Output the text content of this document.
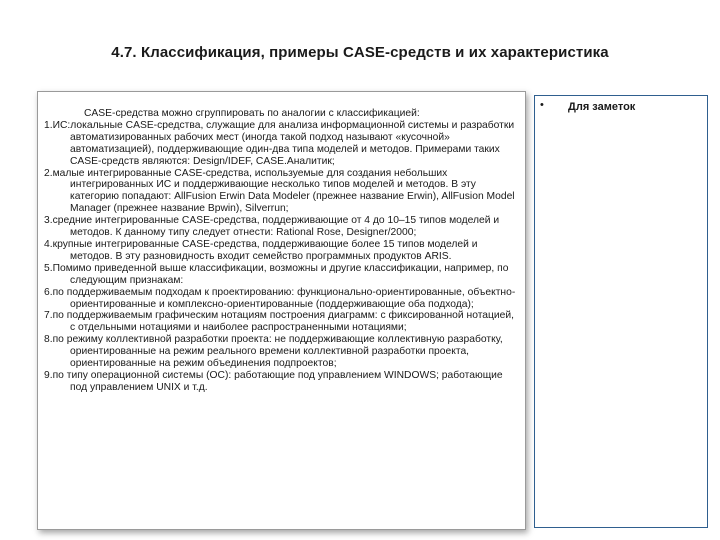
4.7. Классификация, примеры CASE-средств и их характеристика

CASE-средства можно сгруппировать по аналогии с классификацией:

1.ИС:локальные CASE-средства, служащие для анализа информационной системы и разработки автоматизированных рабочих мест (иногда такой подход называют «кусочной» автоматизацией), поддерживающие один-два типа моделей и методов. Примерами таких CASE-средств являются: Design/IDEF, CASE.Аналитик;
2.малые интегрированные CASE-средства, используемые для создания небольших интегрированных ИС и поддерживающие несколько типов моделей и методов. В эту категорию попадают: AllFusion Erwin Data Modeler (прежнее название Erwin), AllFusion Model Manager (прежнее название Bpwin), Silverrun;
3.средние интегрированные CASE-средства, поддерживающие от 4 до 10–15 типов моделей и методов. К данному типу следует отнести: Rational Rose, Designer/2000;
4.крупные интегрированные CASE-средства, поддерживающие более 15 типов моделей и методов. В эту разновидность входит семейство программных продуктов ARIS.
5.Помимо приведенной выше классификации, возможны и другие классификации, например, по следующим признакам:
6.по поддерживаемым подходам к проектированию: функционально-ориентированные, объектно-ориентированные и комплексно-ориентированные (поддерживающие оба подхода);
7.по поддерживаемым графическим нотациям построения диаграмм: с фиксированной нотацией, с отдельными нотациями и наиболее распространенными нотациями;
8.по режиму коллективной разработки проекта: не поддерживающие коллективную разработку, ориентированные на режим реального времени коллективной разработки проекта, ориентированные на режим объединения подпроектов;
9.по типу операционной системы (ОС): работающие под управлением WINDOWS; работающие под управлением UNIX и т.д.
• Для заметок
